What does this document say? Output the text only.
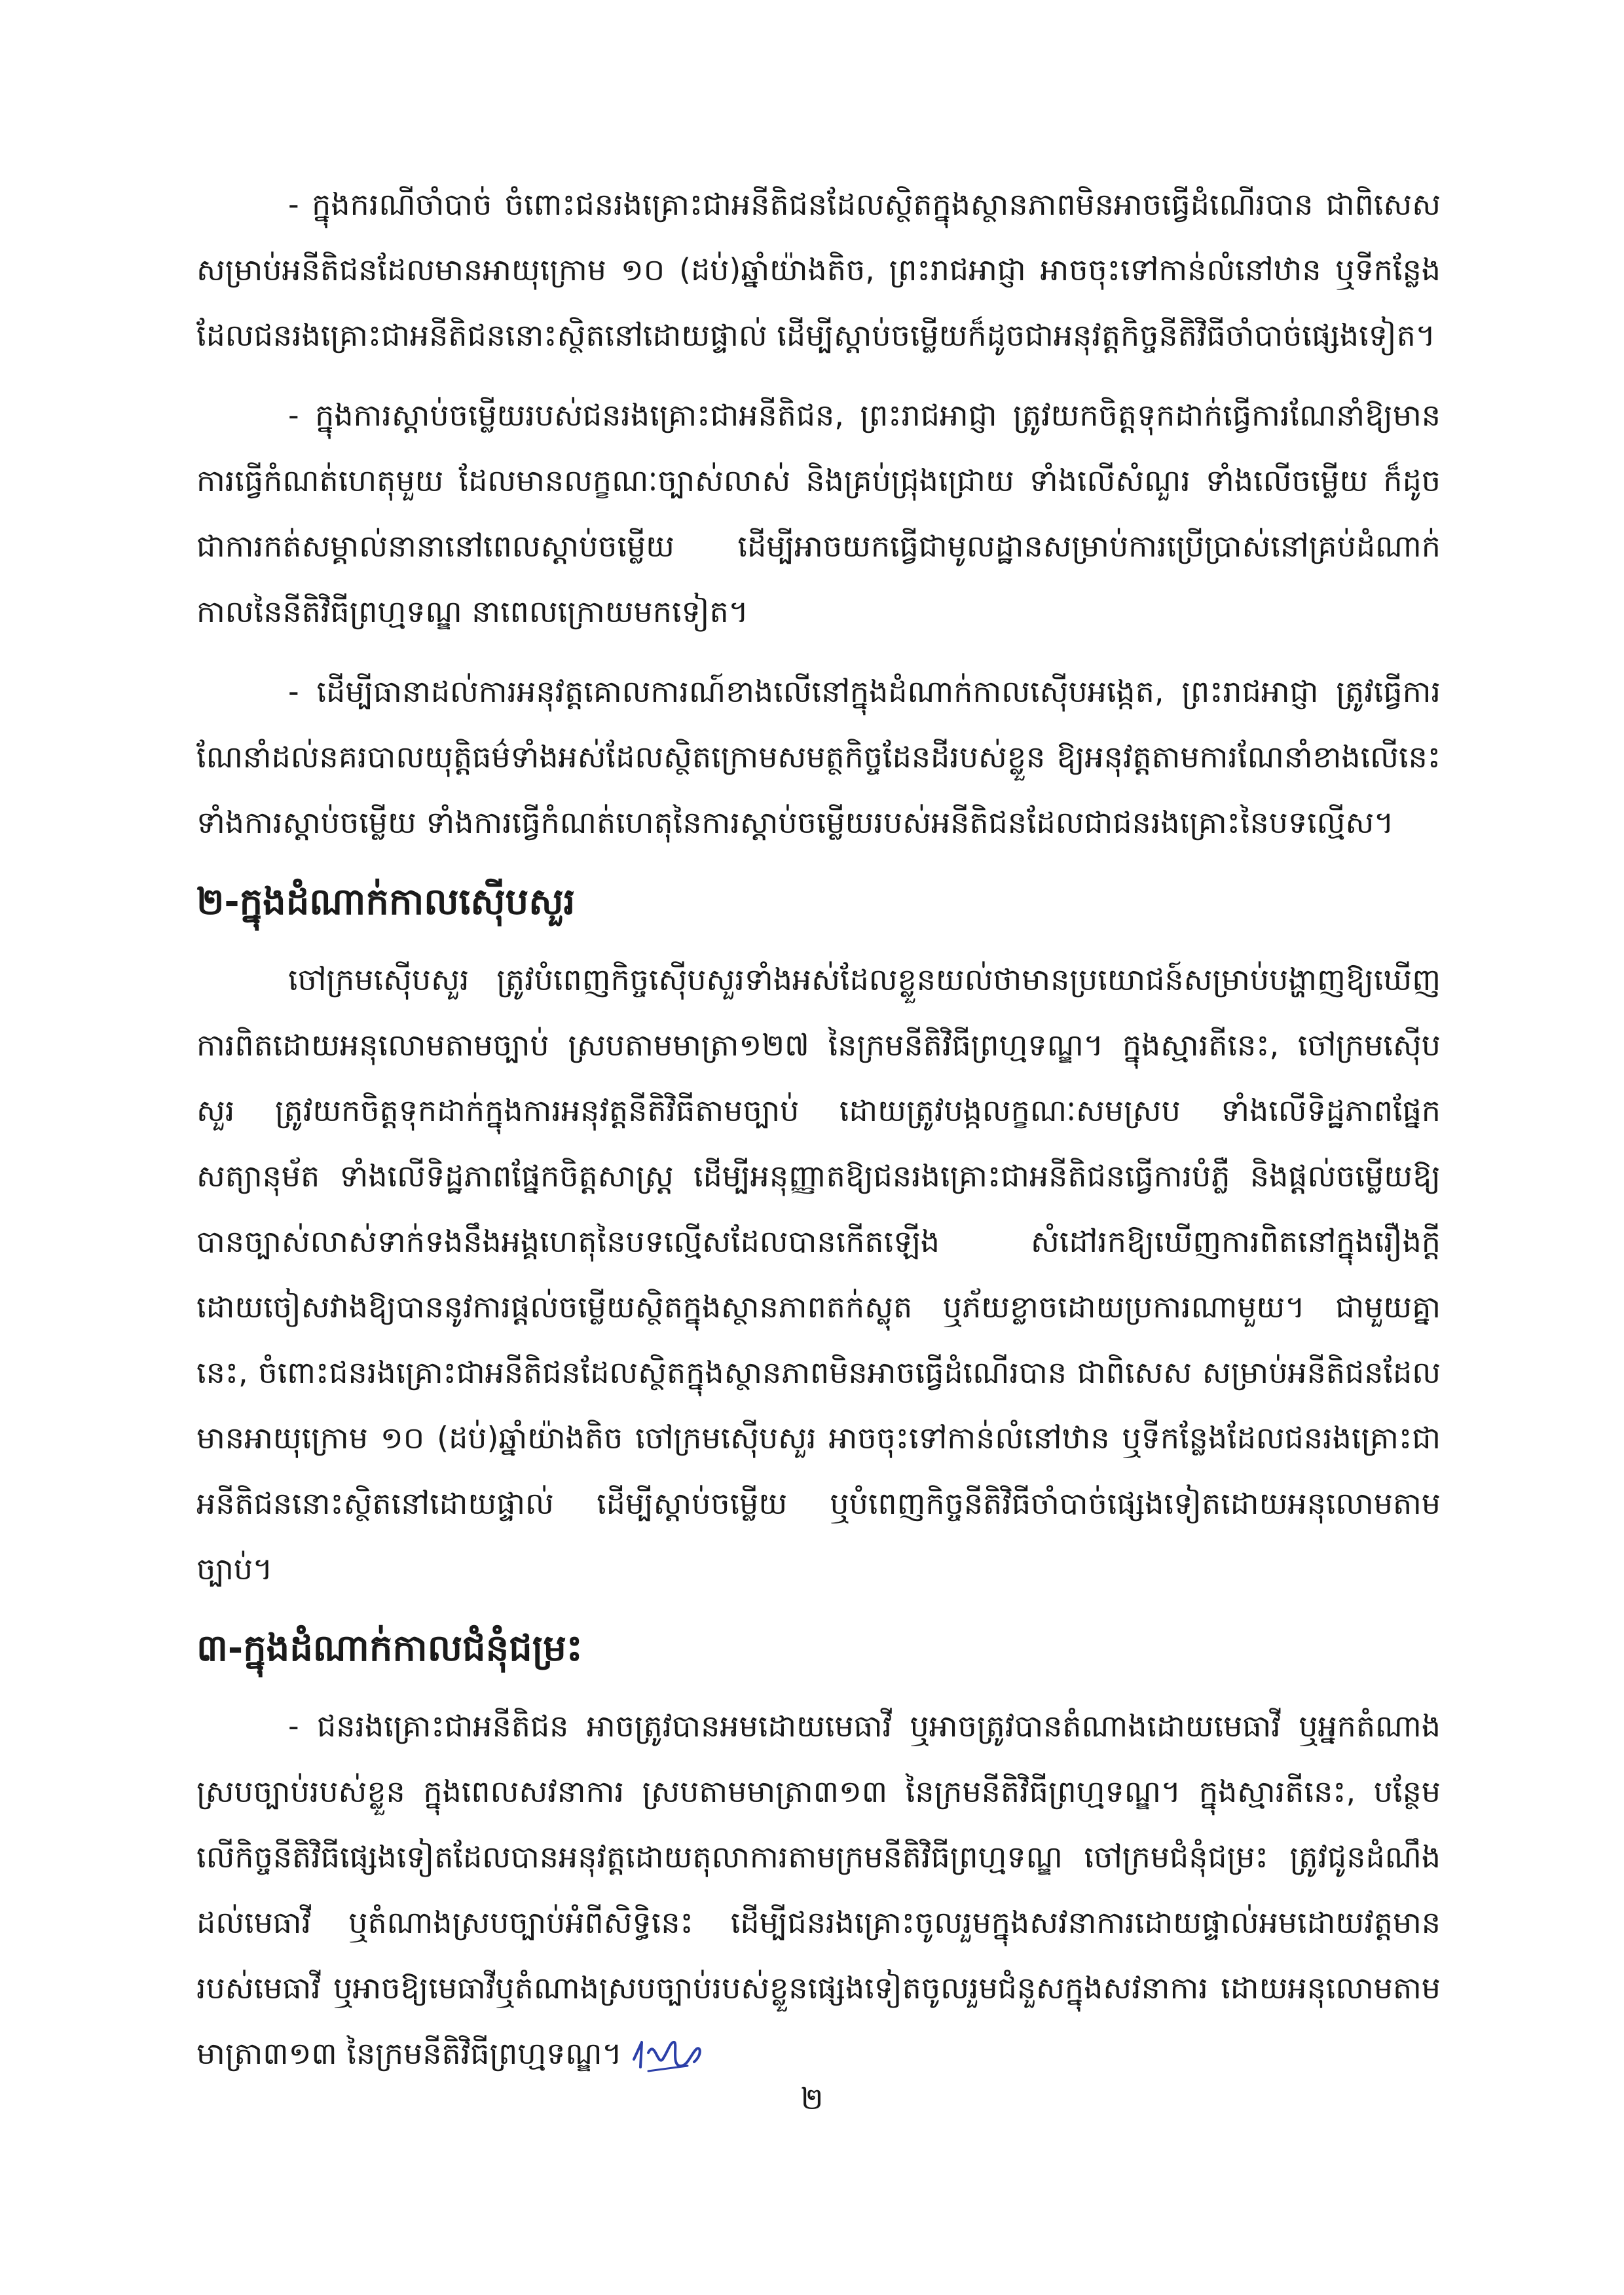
- ក្នុងករណីចាំបាច់ ចំពោះជនរងគ្រោះជាអនីតិជនដែលស្ថិតក្នុងស្ថានភាពមិនអាចធ្វើដំណើរបាន ជាពិសេស សម្រាប់អនីតិជនដែលមានអាយុក្រោម ១០ (ដប់)ឆ្នាំយ៉ាងតិច, ព្រះរាជអាជ្ញា អាចចុះទៅកាន់លំនៅឋាន ឬទីកន្លែងដែលជនរងគ្រោះជាអនីតិជននោះស្ថិតនៅដោយផ្ទាល់ ដើម្បីស្តាប់ចម្លើយក៏ដូចជាអនុវត្តកិច្ចនីតិវិធីចាំបាច់ផ្សេងទៀត។

- ក្នុងការស្តាប់ចម្លើយរបស់ជនរងគ្រោះជាអនីតិជន, ព្រះរាជអាជ្ញា ត្រូវយកចិត្តទុកដាក់ធ្វើការណែនាំឱ្យមានការធ្វើកំណត់ហេតុមួយ ដែលមានលក្ខណៈច្បាស់លាស់ និងគ្រប់ជ្រុងជ្រោយ ទាំងលើសំណួរ ទាំងលើចម្លើយ ក៏ដូចជាការកត់សម្គាល់នានានៅពេលស្តាប់ចម្លើយ ដើម្បីអាចយកធ្វើជាមូលដ្ឋានសម្រាប់ការប្រើប្រាស់នៅគ្រប់ដំណាក់កាលនៃនីតិវិធីព្រហ្មទណ្ឌ នាពេលក្រោយមកទៀត។

- ដើម្បីធានាដល់ការអនុវត្តគោលការណ៍ខាងលើនៅក្នុងដំណាក់កាលស៊ើបអង្កេត, ព្រះរាជអាជ្ញា ត្រូវធ្វើការណែនាំដល់នគរបាលយុត្តិធម៌ទាំងអស់ដែលស្ថិតក្រោមសមត្ថកិច្ចដែនដីរបស់ខ្លួន ឱ្យអនុវត្តតាមការណែនាំខាងលើនេះ ទាំងការស្តាប់ចម្លើយ ទាំងការធ្វើកំណត់ហេតុនៃការស្តាប់ចម្លើយរបស់អនីតិជនដែលជាជនរងគ្រោះនៃបទល្មើស។

២-ក្នុងដំណាក់កាលស៊ើបសួរ

ចៅក្រមស៊ើបសួរ ត្រូវបំពេញកិច្ចស៊ើបសួរទាំងអស់ដែលខ្លួនយល់ថាមានប្រយោជន៍សម្រាប់បង្ហាញឱ្យឃើញការពិតដោយអនុលោមតាមច្បាប់ ស្របតាមមាត្រា១២៧ នៃក្រមនីតិវិធីព្រហ្មទណ្ឌ។ ក្នុងស្មារតីនេះ, ចៅក្រមស៊ើបសួរ ត្រូវយកចិត្តទុកដាក់ក្នុងការអនុវត្តនីតិវិធីតាមច្បាប់ ដោយត្រូវបង្កលក្ខណៈសមស្រប ទាំងលើទិដ្ឋភាពផ្នែកសត្យានុម័ត ទាំងលើទិដ្ឋភាពផ្នែកចិត្តសាស្ត្រ ដើម្បីអនុញ្ញាតឱ្យជនរងគ្រោះជាអនីតិជនធ្វើការបំភ្លឺ និងផ្តល់ចម្លើយឱ្យបានច្បាស់លាស់ទាក់ទងនឹងអង្គហេតុនៃបទល្មើសដែលបានកើតឡើង សំដៅរកឱ្យឃើញការពិតនៅក្នុងរឿងក្តី ដោយចៀសវាងឱ្យបាននូវការផ្តល់ចម្លើយស្ថិតក្នុងស្ថានភាពតក់ស្លុត ឬភ័យខ្លាចដោយប្រការណាមួយ។ ជាមួយគ្នានេះ, ចំពោះជនរងគ្រោះជាអនីតិជនដែលស្ថិតក្នុងស្ថានភាពមិនអាចធ្វើដំណើរបាន ជាពិសេស សម្រាប់អនីតិជនដែលមានអាយុក្រោម ១០ (ដប់)ឆ្នាំយ៉ាងតិច ចៅក្រមស៊ើបសួរ អាចចុះទៅកាន់លំនៅឋាន ឬទីកន្លែងដែលជនរងគ្រោះជាអនីតិជននោះស្ថិតនៅដោយផ្ទាល់ ដើម្បីស្តាប់ចម្លើយ ឬបំពេញកិច្ចនីតិវិធីចាំបាច់ផ្សេងទៀតដោយអនុលោមតាមច្បាប់។

៣-ក្នុងដំណាក់កាលជំនុំជម្រះ

- ជនរងគ្រោះជាអនីតិជន អាចត្រូវបានអមដោយមេធាវី ឬអាចត្រូវបានតំណាងដោយមេធាវី ឬអ្នកតំណាងស្របច្បាប់របស់ខ្លួន ក្នុងពេលសវនាការ ស្របតាមមាត្រា៣១៣ នៃក្រមនីតិវិធីព្រហ្មទណ្ឌ។ ក្នុងស្មារតីនេះ, បន្ថែមលើកិច្ចនីតិវិធីផ្សេងទៀតដែលបានអនុវត្តដោយតុលាការតាមក្រមនីតិវិធីព្រហ្មទណ្ឌ ចៅក្រមជំនុំជម្រះ ត្រូវជូនដំណឹងដល់មេធាវី ឬតំណាងស្របច្បាប់អំពីសិទ្ធិនេះ ដើម្បីជនរងគ្រោះចូលរួមក្នុងសវនាការដោយផ្ទាល់អមដោយវត្តមានរបស់មេធាវី ឬអាចឱ្យមេធាវីឬតំណាងស្របច្បាប់របស់ខ្លួនផ្សេងទៀតចូលរួមជំនួសក្នុងសវនាការ ដោយអនុលោមតាមមាត្រា៣១៣ នៃក្រមនីតិវិធីព្រហ្មទណ្ឌ។

២
